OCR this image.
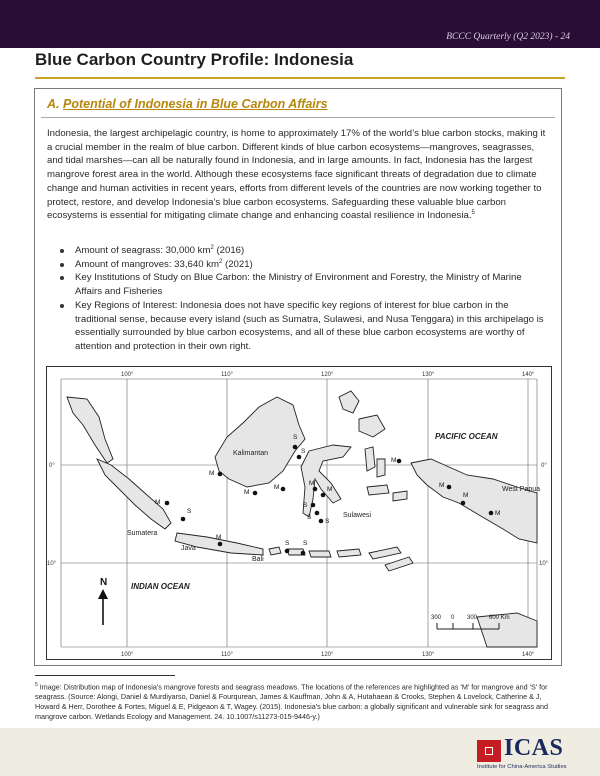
BCCC Quarterly (Q2 2023) - 24
Blue Carbon Country Profile: Indonesia
A. Potential of Indonesia in Blue Carbon Affairs

Indonesia, the largest archipelagic country, is home to approximately 17% of the world’s blue carbon stocks, making it a crucial member in the realm of blue carbon. Different kinds of blue carbon ecosystems—mangroves, seagrasses, and tidal marshes—can all be naturally found in Indonesia, and in large amounts. In fact, Indonesia has the largest mangrove forest area in the world. Although these ecosystems face significant threats of degradation due to climate change and human activities in recent years, efforts from different levels of the countries are now working together to protect, restore, and develop Indonesia’s blue carbon ecosystems. Safeguarding these valuable blue carbon ecosystems is essential for mitigating climate change and enhancing coastal resilience in Indonesia.$^5$

Amount of seagrass: 30,000 $km^2$ (2016)
Amount of mangroves: 33,640 $km^2$ (2021)
Key Institutions of Study on Blue Carbon: the Ministry of Environment and Forestry, the Ministry of Marine Affairs and Fisheries
Key Regions of Interest: Indonesia does not have specific key regions of interest for blue carbon in the traditional sense, because every island (such as Sumatra, Sulawesi, and Nusa Tenggara) in this archipelago is essentially surrounded by blue carbon ecosystems, and all of these blue carbon ecosystems are worthy of attention and protection in their own right.
100°	110°	120°	130°	140°
100°	110°	120°	130°	140°
0°	0°
10°	10°
Kalimantan
Sumatera
Sulawesi
Java
Bali
West Papua
PACIFIC OCEAN
INDIAN OCEAN
M
M
M
M
M
M
M
M
M
M
M
S
S
S
S
S
S
S S
N
300 0 300 600 Km

$^5$ Image: Distribution map of Indonesia's mangrove forests and seagrass meadows. The locations of the references are highlighted as 'M' for mangrove and 'S' for seagrass. (Source: Alongi, Daniel & Murdiyarso, Daniel & Fourqurean, James & Kauffman, John & A, Hutahaean & Crooks, Stephen & Lovelock, Catherine & J, Howard & Herr, Dorothee & Fortes, Miguel & E, Pidgeaon & T, Wagey. (2015). Indonesia's blue carbon: a globally significant and vulnerable sink for seagrass and mangrove carbon. Wetlands Ecology and Management. 24. 10.1007/s11273-015-9446-y.)

ICAS
Institute for China-America Studies
